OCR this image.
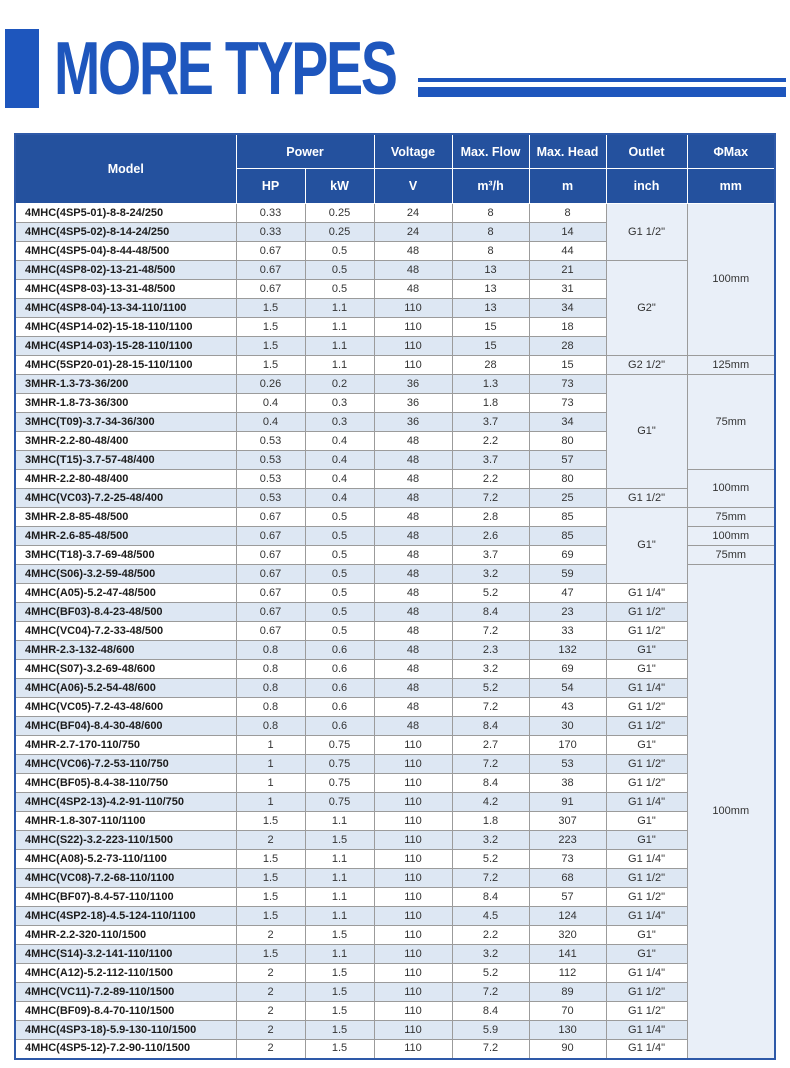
MORE TYPES
Model	Power		Voltage	Max. Flow	Max. Head	Outlet	ΦMax
	HP	kW	V	m³/h	m	inch	mm
4MHC(4SP5-01)-8-8-24/250	0.33	0.25	24	8	8	G1 1/2"	100mm
4MHC(4SP5-02)-8-14-24/250	0.33	0.25	24	8	14		
4MHC(4SP5-04)-8-44-48/500	0.67	0.5	48	8	44		
4MHC(4SP8-02)-13-21-48/500	0.67	0.5	48	13	21	G2"	
4MHC(4SP8-03)-13-31-48/500	0.67	0.5	48	13	31		
4MHC(4SP8-04)-13-34-110/1100	1.5	1.1	110	13	34		
4MHC(4SP14-02)-15-18-110/1100	1.5	1.1	110	15	18		
4MHC(4SP14-03)-15-28-110/1100	1.5	1.1	110	15	28		
4MHC(5SP20-01)-28-15-110/1100	1.5	1.1	110	28	15	G2 1/2"	125mm
3MHR-1.3-73-36/200	0.26	0.2	36	1.3	73	G1"	75mm
3MHR-1.8-73-36/300	0.4	0.3	36	1.8	73		
3MHC(T09)-3.7-34-36/300	0.4	0.3	36	3.7	34		
3MHR-2.2-80-48/400	0.53	0.4	48	2.2	80		
3MHC(T15)-3.7-57-48/400	0.53	0.4	48	3.7	57		
4MHR-2.2-80-48/400	0.53	0.4	48	2.2	80		100mm
4MHC(VC03)-7.2-25-48/400	0.53	0.4	48	7.2	25	G1 1/2"	
3MHR-2.8-85-48/500	0.67	0.5	48	2.8	85	G1"	75mm
4MHR-2.6-85-48/500	0.67	0.5	48	2.6	85		100mm
3MHC(T18)-3.7-69-48/500	0.67	0.5	48	3.7	69		75mm
4MHC(S06)-3.2-59-48/500	0.67	0.5	48	3.2	59		100mm
4MHC(A05)-5.2-47-48/500	0.67	0.5	48	5.2	47	G1 1/4"	
4MHC(BF03)-8.4-23-48/500	0.67	0.5	48	8.4	23	G1 1/2"	
4MHC(VC04)-7.2-33-48/500	0.67	0.5	48	7.2	33	G1 1/2"	
4MHR-2.3-132-48/600	0.8	0.6	48	2.3	132	G1"	
4MHC(S07)-3.2-69-48/600	0.8	0.6	48	3.2	69	G1"	
4MHC(A06)-5.2-54-48/600	0.8	0.6	48	5.2	54	G1 1/4"	
4MHC(VC05)-7.2-43-48/600	0.8	0.6	48	7.2	43	G1 1/2"	
4MHC(BF04)-8.4-30-48/600	0.8	0.6	48	8.4	30	G1 1/2"	
4MHR-2.7-170-110/750	1	0.75	110	2.7	170	G1"	
4MHC(VC06)-7.2-53-110/750	1	0.75	110	7.2	53	G1 1/2"	
4MHC(BF05)-8.4-38-110/750	1	0.75	110	8.4	38	G1 1/2"	
4MHC(4SP2-13)-4.2-91-110/750	1	0.75	110	4.2	91	G1 1/4"	
4MHR-1.8-307-110/1100	1.5	1.1	110	1.8	307	G1"	
4MHC(S22)-3.2-223-110/1500	2	1.5	110	3.2	223	G1"	
4MHC(A08)-5.2-73-110/1100	1.5	1.1	110	5.2	73	G1 1/4"	
4MHC(VC08)-7.2-68-110/1100	1.5	1.1	110	7.2	68	G1 1/2"	
4MHC(BF07)-8.4-57-110/1100	1.5	1.1	110	8.4	57	G1 1/2"	
4MHC(4SP2-18)-4.5-124-110/1100	1.5	1.1	110	4.5	124	G1 1/4"	
4MHR-2.2-320-110/1500	2	1.5	110	2.2	320	G1"	
4MHC(S14)-3.2-141-110/1100	1.5	1.1	110	3.2	141	G1"	
4MHC(A12)-5.2-112-110/1500	2	1.5	110	5.2	112	G1 1/4"	
4MHC(VC11)-7.2-89-110/1500	2	1.5	110	7.2	89	G1 1/2"	
4MHC(BF09)-8.4-70-110/1500	2	1.5	110	8.4	70	G1 1/2"	
4MHC(4SP3-18)-5.9-130-110/1500	2	1.5	110	5.9	130	G1 1/4"	
4MHC(4SP5-12)-7.2-90-110/1500	2	1.5	110	7.2	90	G1 1/4"	
